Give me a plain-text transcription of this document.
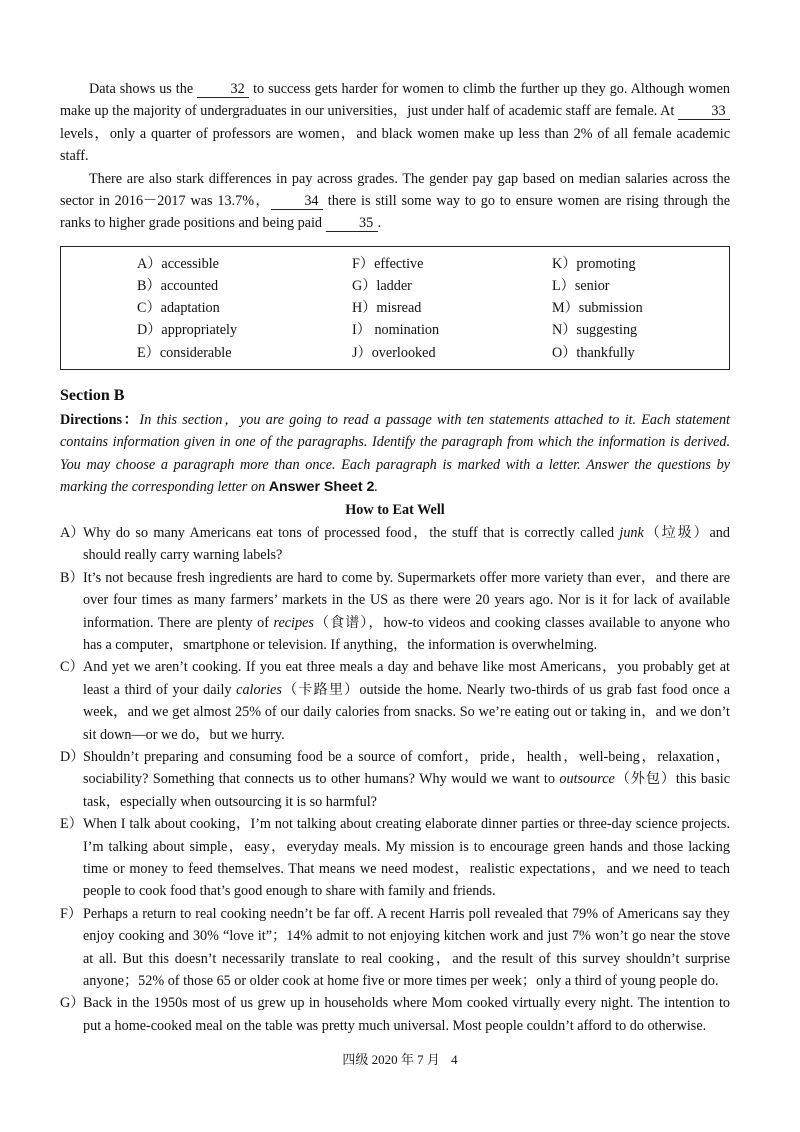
Data shows us the 32 to success gets harder for women to climb the further up they go. Although women make up the majority of undergraduates in our universities，just under half of academic staff are female. At 33 levels，only a quarter of professors are women，and black women make up less than 2% of all female academic staff.

There are also stark differences in pay across grades. The gender pay gap based on median salaries across the sector in 2016－2017 was 13.7%， 34 there is still some way to go to ensure women are rising through the ranks to higher grade positions and being paid 35 .

A）accessible
B）accounted
C）adaptation
D）appropriately
E）considerable
F）effective
G）ladder
H）misread
I） nomination
J）overlooked
K）promoting
L）senior
M）submission
N）suggesting
O）thankfully
Section B

Directions：In this section，you are going to read a passage with ten statements attached to it. Each statement contains information given in one of the paragraphs. Identify the paragraph from which the information is derived. You may choose a paragraph more than once. Each paragraph is marked with a letter. Answer the questions by marking the corresponding letter on Answer Sheet 2.

How to Eat Well
A）
Why do so many Americans eat tons of processed food，the stuff that is correctly called junk（垃圾）and should really carry warning labels?
B） It’s not because fresh ingredients are hard to come by. Supermarkets offer more variety than ever，and there are over four times as many farmers’ markets in the US as there were 20 years ago. Nor is it for lack of available information. There are plenty of recipes（食谱），how-to videos and cooking classes available to anyone who has a computer，smartphone or television. If anything，the information is overwhelming.
C） And yet we aren’t cooking. If you eat three meals a day and behave like most Americans，you probably get at least a third of your daily calories（卡路里）outside the home. Nearly two-thirds of us grab fast food once a week，and we get almost 25% of our daily calories from snacks. So we’re eating out or taking in，and we don’t sit down—or we do，but we hurry.
D）
Shouldn’t preparing and consuming food be a source of comfort，pride，health，well-being，relaxation，sociability? Something that connects us to other humans? Why would we want to outsource（外包）this basic task，especially when outsourcing it is so harmful?
E） When I talk about cooking，I’m not talking about creating elaborate dinner parties or three-day science projects. I’m talking about simple，easy，everyday meals. My mission is to encourage green hands and those lacking time or money to feed themselves. That means we need modest，realistic expectations，and we need to teach people to cook food that’s good enough to share with family and friends.
F） Perhaps a return to real cooking needn’t be far off. A recent Harris poll revealed that 79% of Americans say they enjoy cooking and 30% “love it”；14% admit to not enjoying kitchen work and just 7% won’t go near the stove at all. But this doesn’t necessarily translate to real cooking，and the result of this survey shouldn’t surprise anyone；52% of those 65 or older cook at home five or more times per week；only a third of young people do.
G）
Back in the 1950s most of us grew up in households where Mom cooked virtually every night. The intention to put a home-cooked meal on the table was pretty much universal. Most people couldn’t afford to do otherwise.
四级 2020 年 7 月 4
